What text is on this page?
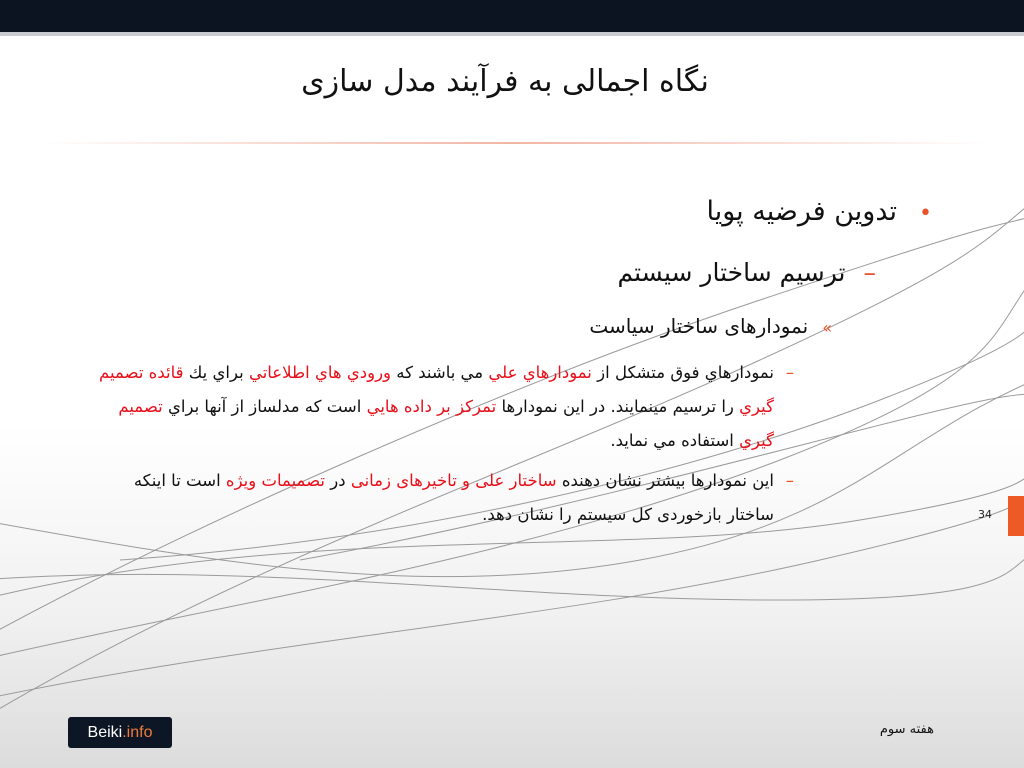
نگاه اجمالی به فرآیند مدل سازی
•تدوین فرضیه پویا
–ترسیم ساختار سیستم
»نمودارهای ساختار سیاست
–
نمودارهاي فوق متشکل از نمودارهاي علي مي باشند که ورودي هاي اطلاعاتي براي يك قائده تصميم گيري را ترسیم مینمایند. در این نمودارها تمرکز بر داده هايي است که مدلساز از آنها براي تصميم گيري استفاده مي نمايد.
–
این نمودارها بیشتر نشان دهنده ساختار علی و تاخیرهای زمانی در تصمیمات ویژه است تا اینکه ساختار بازخوردی کل سیستم را نشان دهد.	34
هفته سوم
Beiki.info
